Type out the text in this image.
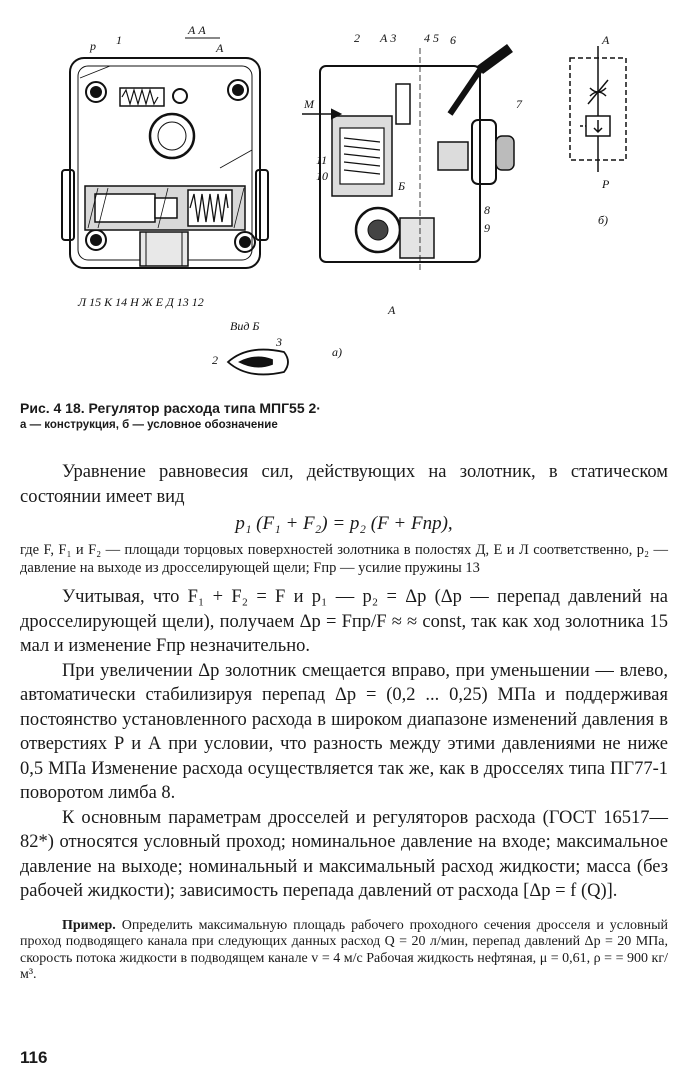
А А
р 1
А
2 А 3 4 5 6	А
М	7
11
10
Б
8
9
А
Р
б)
Л 15 К 14 Н Ж Е Д 13 12
Вид Б
2
3
а)
Рис. 4 18. Регулятор расхода типа МПГ55 2·
а — конструкция, б — условное обозначение

Уравнение равновесия сил, действующих на золотник, в статическом состоянии имеет вид

p₁ (F₁ + F₂) = p₂ (F + Fпр),

где F, F₁ и F₂ — площади торцовых поверхностей золотника в полостях Д, Е и Л соответственно, p₂ — давление на выходе из дросселирующей щели; Fпр — усилие пружины 13

Учитывая, что F₁ + F₂ = F и p₁ — p₂ = Δp (Δp — перепад давлений на дросселирующей щели), получаем Δp = Fпр/F ≈ ≈ const, так как ход золотника 15 мал и изменение Fпр незначительно.

При увеличении Δp золотник смещается вправо, при уменьшении — влево, автоматически стабилизируя перепад Δp = (0,2 ... 0,25) МПа и поддерживая постоянство установленного расхода в широком диапазоне изменений давления в отверстиях Р и А при условии, что разность между этими давлениями не ниже 0,5 МПа Изменение расхода осуществляется так же, как в дросселях типа ПГ77-1 поворотом лимба 8.

К основным параметрам дросселей и регуляторов расхода (ГОСТ 16517—82*) относятся условный проход; номинальное давление на входе; максимальное давление на выходе; номинальный и максимальный расход жидкости; масса (без рабочей жидкости); зависимость перепада давлений от расхода [Δp = f (Q)].

Пример. Определить максимальную площадь рабочего проходного сечения дросселя и условный проход подводящего канала при следующих данных расход Q = 20 л/мин, перепад давлений Δp = 20 МПа, скорость потока жидкости в подводящем канале v = 4 м/с Рабочая жидкость нефтяная, μ = 0,61, ρ = = 900 кг/м³.

116
